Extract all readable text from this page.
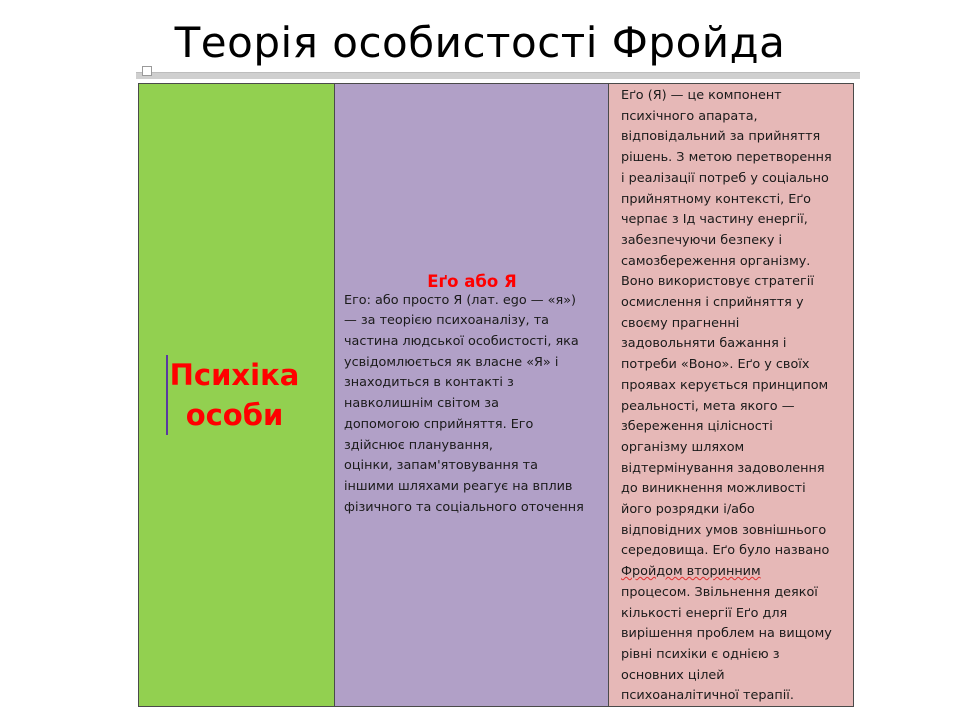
Теорія особистості Фройда
Психіка
особи
Еґо або Я
Его: або просто Я (лат. ego — «я»)
— за теорією психоаналізу, та
частина людської особистості, яка
усвідомлюється як власне «Я» і
знаходиться в контакті з
навколишнім світом за
допомогою сприйняття. Его
здійснює планування,
оцінки, запам'ятовування та
іншими шляхами реагує на вплив
фізичного та соціального оточення
Еґо (Я) — це компонент
психічного апарата,
відповідальний за прийняття
рішень. З метою перетворення
і реалізації потреб у соціально
прийнятному контексті, Еґо
черпає з Ід частину енергії,
забезпечуючи безпеку і
самозбереження організму.
Воно використовує стратегії
осмислення і сприйняття у
своєму прагненні
задовольняти бажання і
потреби «Воно». Еґо у своїх
проявах керується принципом
реальності, мета якого —
збереження цілісності
організму шляхом
відтермінування задоволення
до виникнення можливості
його розрядки і/або
відповідних умов зовнішнього
середовища. Еґо було названо
Фройдом вторинним
процесом. Звільнення деякої
кількості енергії Еґо для
вирішення проблем на вищому
рівні психіки є однією з
основних цілей
психоаналітичної терапії.
